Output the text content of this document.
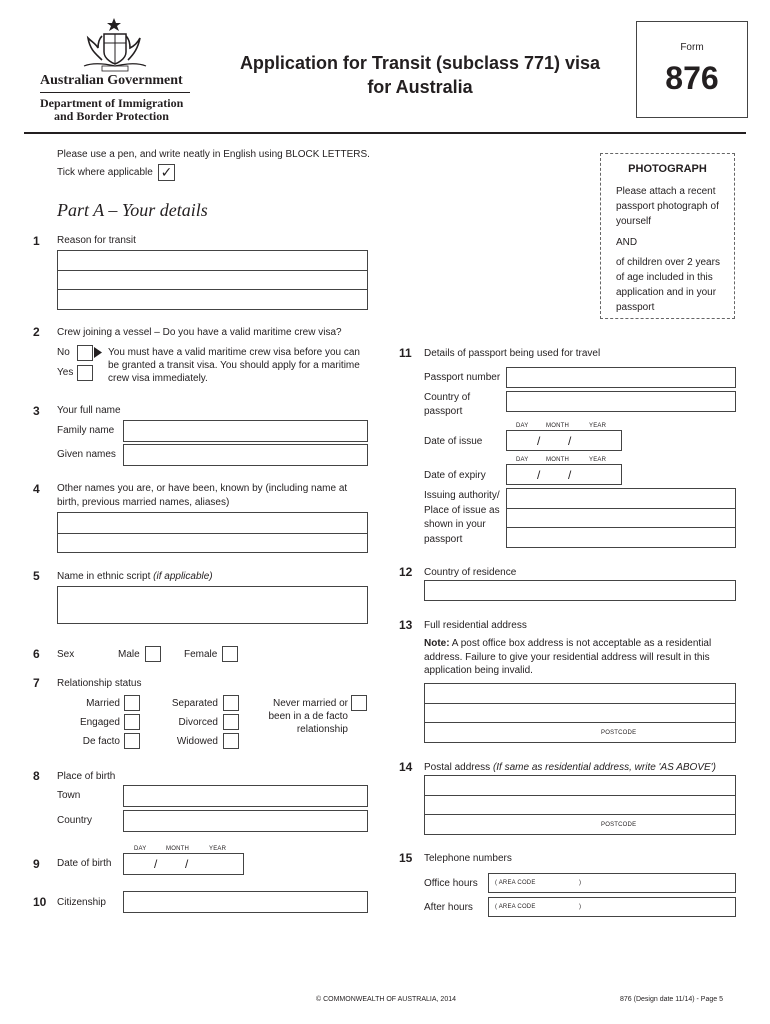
Australian Government
Department of Immigration
and Border Protection
Application for Transit (subclass 771) visa
for Australia
Form
876
Please use a pen, and write neatly in English using BLOCK LETTERS.
Tick where applicable ✓	PHOTOGRAPH
Please attach a recent passport photograph of yourself
AND
of children over 2 years of age included in this application and in your passport
Part A – Your details
1 Reason for transit
2 Crew joining a vessel – Do you have a valid maritime crew visa?
No
Yes
You must have a valid maritime crew visa before you can be granted a transit visa. You should apply for a maritime crew visa immediately.
3 Your full name
Family name
Given names
4 Other names you are, or have been, known by (including name at birth, previous married names, aliases)
5 Name in ethnic script (if applicable)
6 Sex	Male	Female
7 Relationship status
Married
Engaged
De facto
Separated
Divorced
Widowed
Never married or been in a de facto relationship
8 Place of birth
Town
Country
DAY	MONTH	YEAR
9 Date of birth	/ /
10 Citizenship
11 Details of passport being used for travel
Passport number
Country of passport
DAY	MONTH	YEAR
Date of issue	/ /
DAY	MONTH	YEAR
Date of expiry	/ /
Issuing authority/ Place of issue as shown in your passport
12 Country of residence
13 Full residential address
Note: A post office box address is not acceptable as a residential address. Failure to give your residential address will result in this application being invalid.
POSTCODE
14 Postal address (If same as residential address, write 'AS ABOVE')
POSTCODE
15 Telephone numbers
Office hours	( AREA CODE	)
After hours	( AREA CODE	)
© COMMONWEALTH OF AUSTRALIA, 2014	876 (Design date 11/14) - Page 5
